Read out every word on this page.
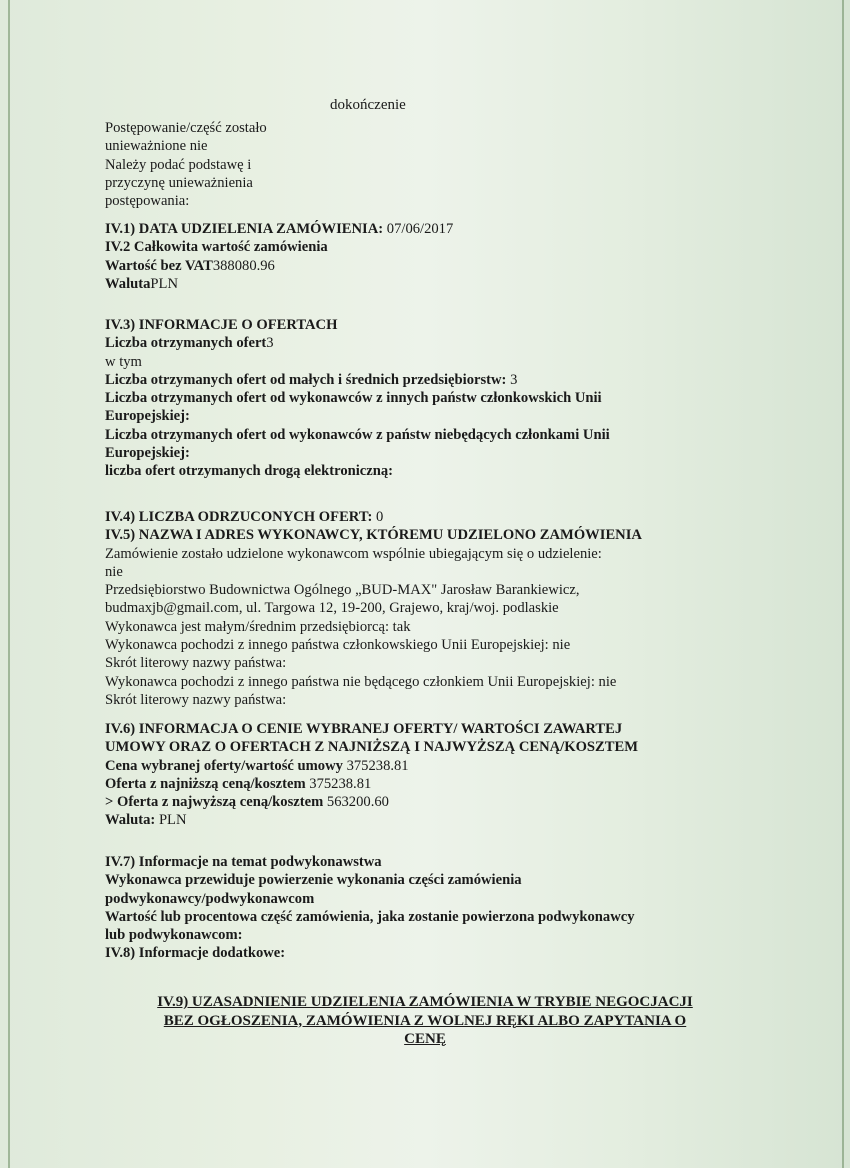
dokończenie
Postępowanie/część zostało
unieważnione nie
Należy podać podstawę i
przyczynę unieważnienia
postępowania:
IV.1) DATA UDZIELENIA ZAMÓWIENIA: 07/06/2017
IV.2 Całkowita wartość zamówienia
Wartość bez VAT388080.96
WalutaPLN
IV.3) INFORMACJE O OFERTACH
Liczba otrzymanych ofert3
w tym
Liczba otrzymanych ofert od małych i średnich przedsiębiorstw: 3
Liczba otrzymanych ofert od wykonawców z innych państw członkowskich Unii
Europejskiej:
Liczba otrzymanych ofert od wykonawców z państw niebędących członkami Unii
Europejskiej:
liczba ofert otrzymanych drogą elektroniczną:
IV.4) LICZBA ODRZUCONYCH OFERT: 0
IV.5) NAZWA I ADRES WYKONAWCY, KTÓREMU UDZIELONO ZAMÓWIENIA
Zamówienie zostało udzielone wykonawcom wspólnie ubiegającym się o udzielenie:
nie
Przedsiębiorstwo Budownictwa Ogólnego „BUD-MAX" Jarosław Barankiewicz,
budmaxjb@gmail.com, ul. Targowa 12, 19-200, Grajewo, kraj/woj. podlaskie
Wykonawca jest małym/średnim przedsiębiorcą: tak
Wykonawca pochodzi z innego państwa członkowskiego Unii Europejskiej: nie
Skrót literowy nazwy państwa:
Wykonawca pochodzi z innego państwa nie będącego członkiem Unii Europejskiej: nie
Skrót literowy nazwy państwa:
IV.6) INFORMACJA O CENIE WYBRANEJ OFERTY/ WARTOŚCI ZAWARTEJ
UMOWY ORAZ O OFERTACH Z NAJNIŻSZĄ I NAJWYŻSZĄ CENĄ/KOSZTEM
Cena wybranej oferty/wartość umowy 375238.81
Oferta z najniższą ceną/kosztem 375238.81
> Oferta z najwyższą ceną/kosztem 563200.60
Waluta: PLN
IV.7) Informacje na temat podwykonawstwa
Wykonawca przewiduje powierzenie wykonania części zamówienia
podwykonawcy/podwykonawcom
Wartość lub procentowa część zamówienia, jaka zostanie powierzona podwykonawcy
lub podwykonawcom:
IV.8) Informacje dodatkowe:
IV.9) UZASADNIENIE UDZIELENIA ZAMÓWIENIA W TRYBIE NEGOCJACJI
BEZ OGŁOSZENIA, ZAMÓWIENIA Z WOLNEJ RĘKI ALBO ZAPYTANIA O
CENĘ
